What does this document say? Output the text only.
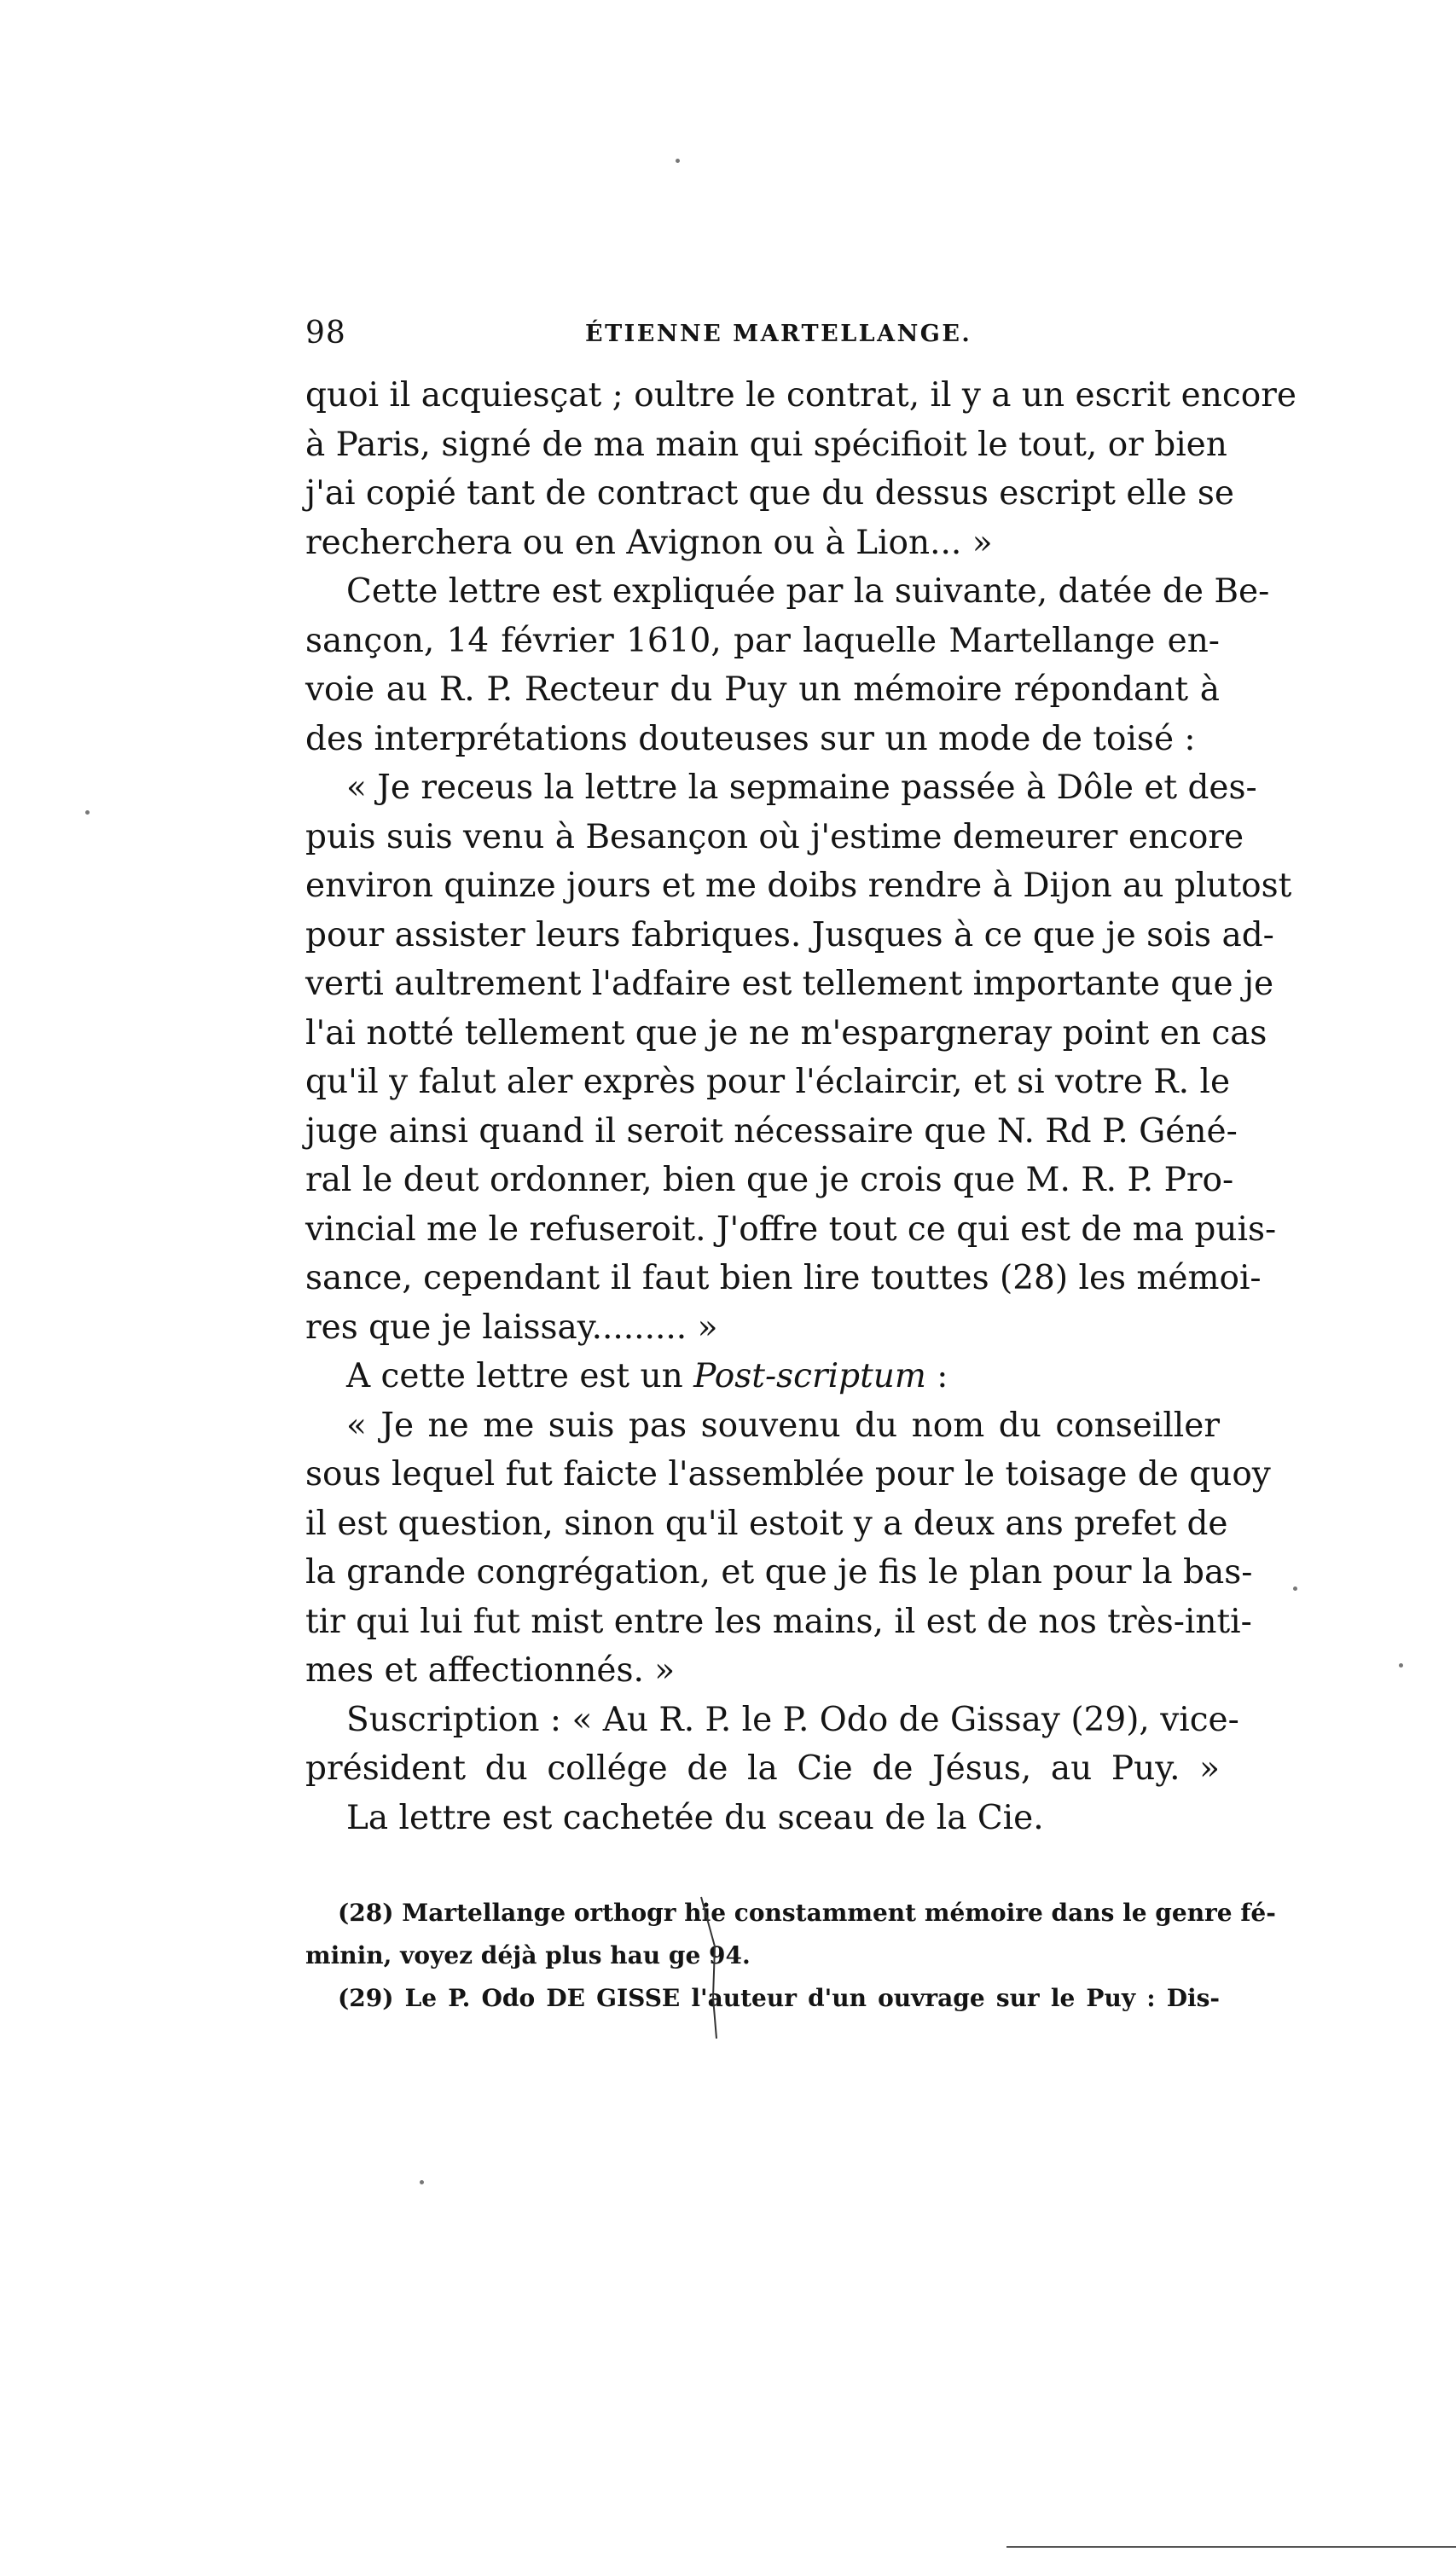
98	ÉTIENNE MARTELLANGE.
quoi il acquiesçat ; oultre le contrat, il y a un escrit encore
à Paris, signé de ma main qui spécifioit le tout, or bien
j'ai copié tant de contract que du dessus escript elle se
recherchera ou en Avignon ou à Lion... »
Cette lettre est expliquée par la suivante, datée de Be-
sançon, 14 février 1610, par laquelle Martellange en-
voie au R. P. Recteur du Puy un mémoire répondant à
des interprétations douteuses sur un mode de toisé :
« Je receus la lettre la sepmaine passée à Dôle et des-
puis suis venu à Besançon où j'estime demeurer encore
environ quinze jours et me doibs rendre à Dijon au plutost
pour assister leurs fabriques. Jusques à ce que je sois ad-
verti aultrement l'adfaire est tellement importante que je
l'ai notté tellement que je ne m'espargneray point en cas
qu'il y falut aler exprès pour l'éclaircir, et si votre R. le
juge ainsi quand il seroit nécessaire que N. Rd P. Géné-
ral le deut ordonner, bien que je crois que M. R. P. Pro-
vincial me le refuseroit. J'offre tout ce qui est de ma puis-
sance, cependant il faut bien lire touttes (28) les mémoi-
res que je laissay......... »
A cette lettre est un Post-scriptum :
« Je ne me suis pas souvenu du nom du conseiller
sous lequel fut faicte l'assemblée pour le toisage de quoy
il est question, sinon qu'il estoit y a deux ans prefet de
la grande congrégation, et que je fis le plan pour la bas-
tir qui lui fut mist entre les mains, il est de nos très-inti-
mes et affectionnés. »
Suscription : « Au R. P. le P. Odo de Gissay (29), vice-
président du collége de la Cie de Jésus, au Puy. »
La lettre est cachetée du sceau de la Cie.
(28) Martellange orthogr hie constamment mémoire dans le genre fé-
minin, voyez déjà plus hau ge 94.
(29) Le P. Odo DE GISSE l'auteur d'un ouvrage sur le Puy : Dis-
